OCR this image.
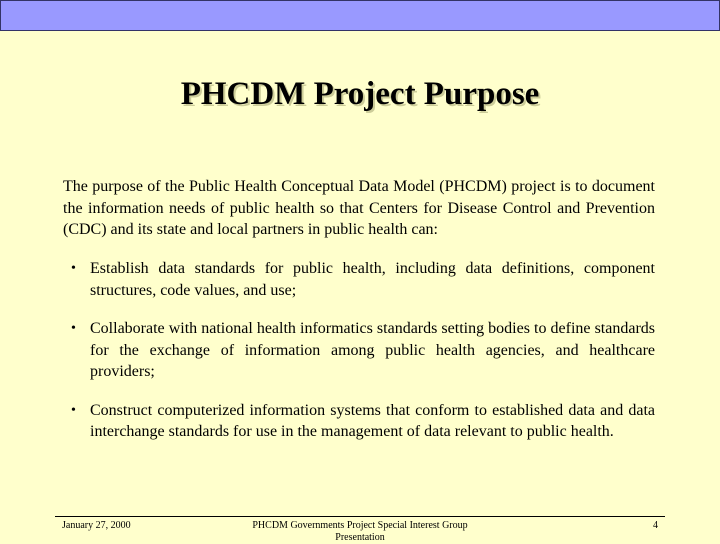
PHCDM Project Purpose

The purpose of the Public Health Conceptual Data Model (PHCDM) project is to document the information needs of public health so that Centers for Disease Control and Prevention (CDC) and its state and local partners in public health can:

• Establish data standards for public health, including data definitions, component structures, code values, and use;
• Collaborate with national health informatics standards setting bodies to define standards for the exchange of information among public health agencies, and healthcare providers;
• Construct computerized information systems that conform to established data and data interchange standards for use in the management of data relevant to public health.
January 27, 2000	PHCDM Governments Project Special Interest Group Presentation
4
